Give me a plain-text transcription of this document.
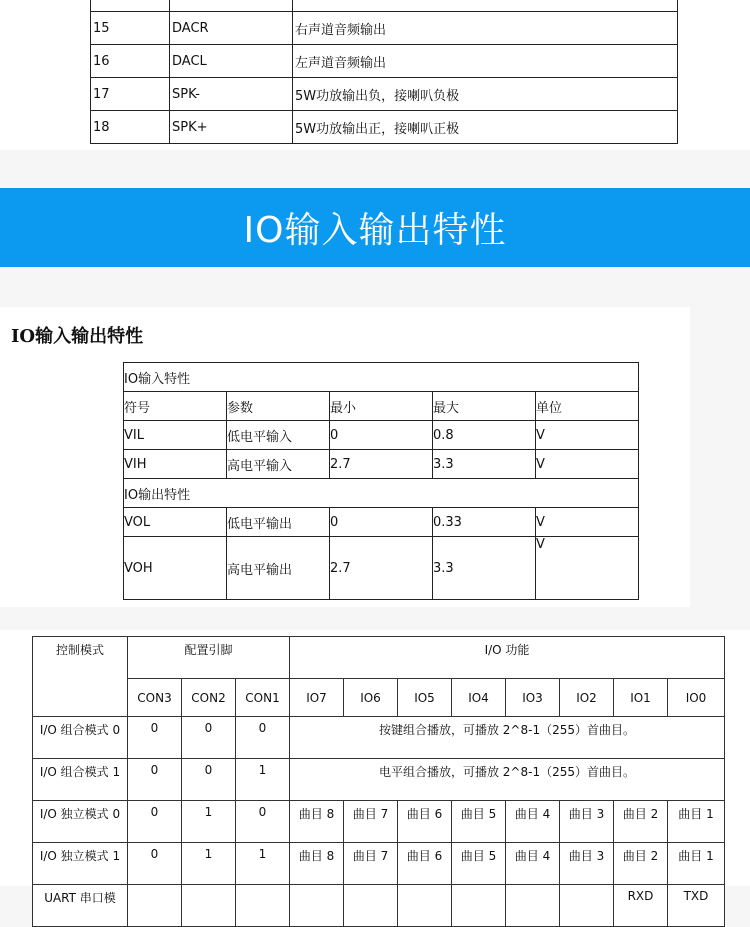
15	DACR	右声道音频输出
16	DACL	左声道音频输出
17	SPK-	5W功放输出负，接喇叭负极
18	SPK+	5W功放输出正，接喇叭正极
IO输入输出特性
IO输入输出特性
IO输入特性				
符号	参数	最小	最大	单位
VIL	低电平输入	0	0.8	V
VIH	高电平输入	2.7	3.3	V
IO输出特性				
VOL	低电平输出	0	0.33	V
VOH	高电平输出	2.7	3.3	V
控制模式	配置引脚			I/O 功能							
	CON3	CON2	CON1	IO7	IO6	IO5	IO4	IO3	IO2	IO1	IO0
I/O 组合模式 0	0	0	0	按键组合播放，可播放 2^8-1（255）首曲目。							
I/O 组合模式 1	0	0	1	电平组合播放，可播放 2^8-1（255）首曲目。							
I/O 独立模式 0	0	1	0	曲目 8	曲目 7	曲目 6	曲目 5	曲目 4	曲目 3	曲目 2	曲目 1
I/O 独立模式 1	0	1	1	曲目 8	曲目 7	曲目 6	曲目 5	曲目 4	曲目 3	曲目 2	曲目 1
UART 串口模										RXD	TXD
